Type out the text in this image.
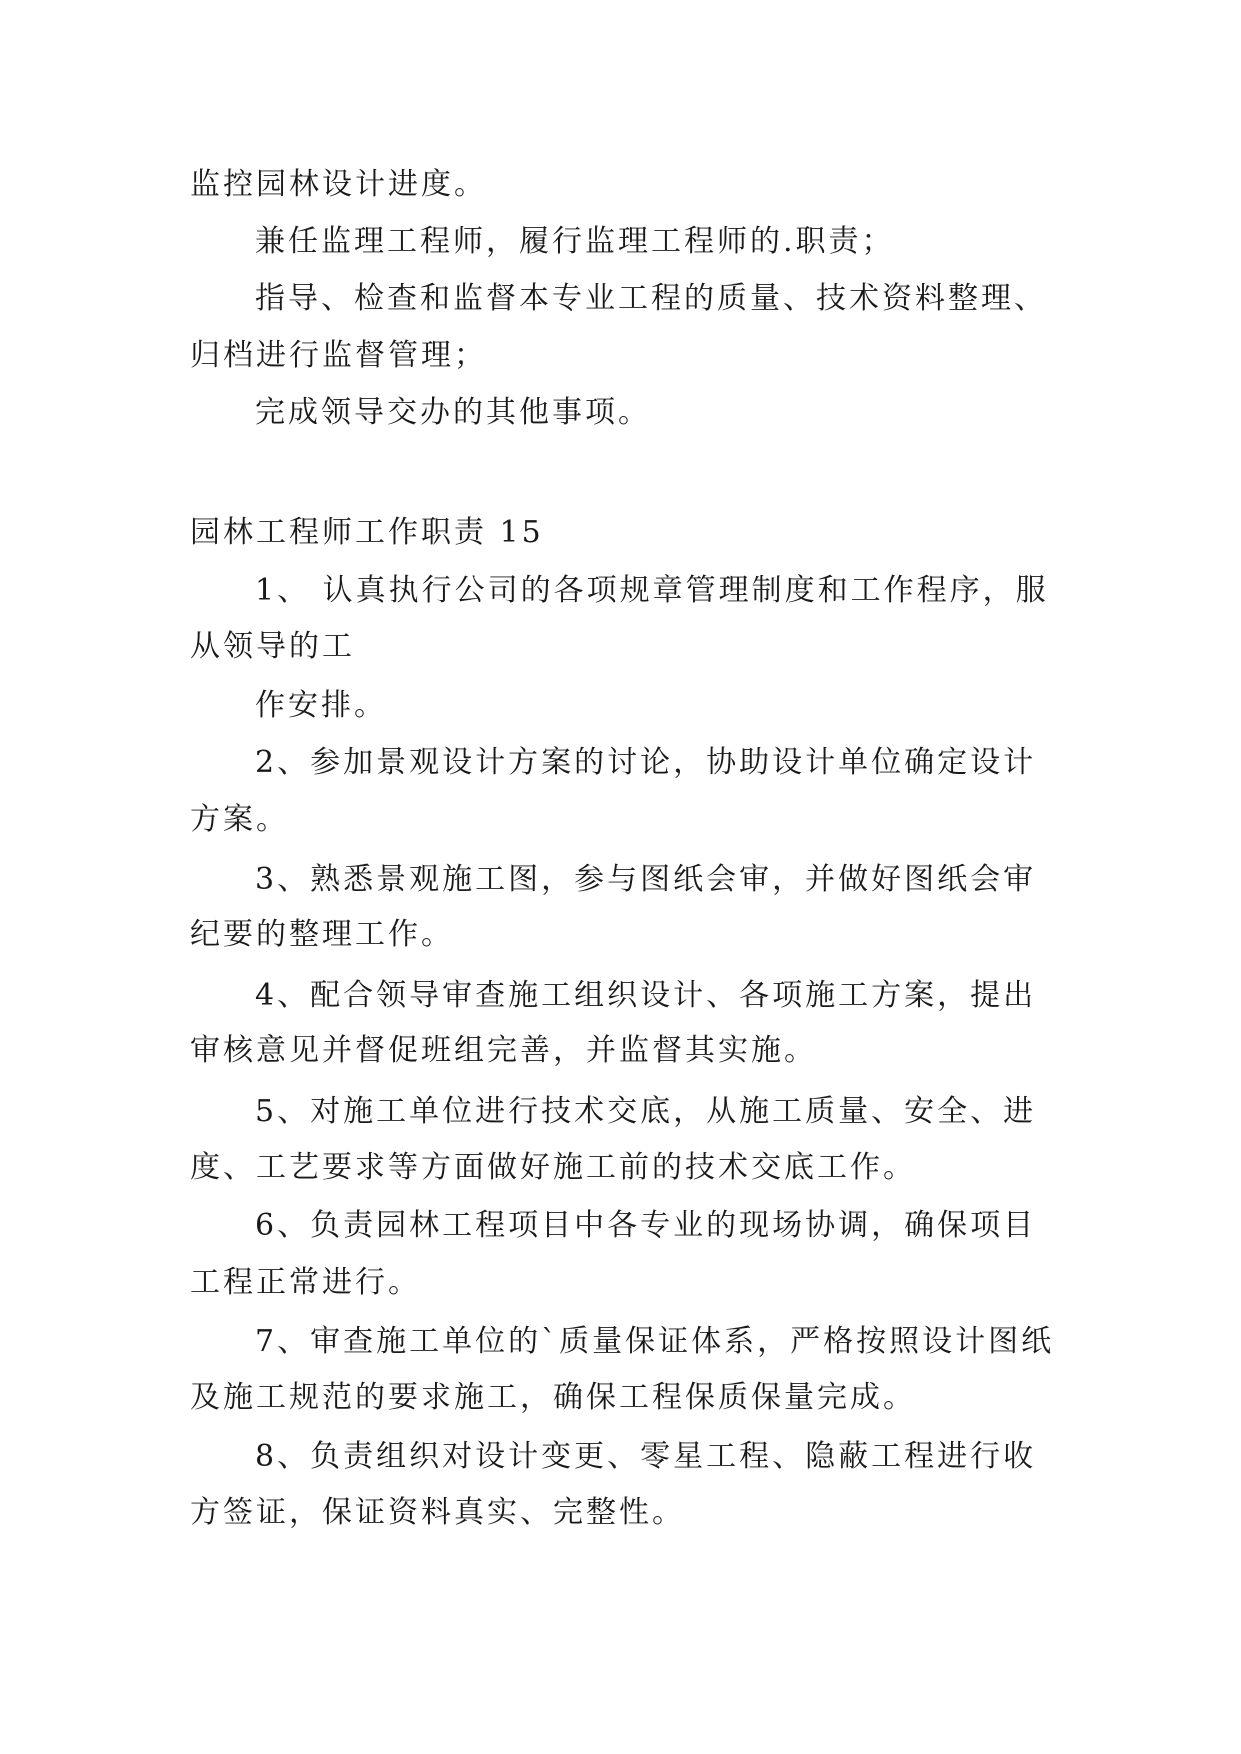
监控园林设计进度。
兼任监理工程师，履行监理工程师的.职责；
指导、检查和监督本专业工程的质量、技术资料整理、
归档进行监督管理；
完成领导交办的其他事项。
园林工程师工作职责 15
1、 认真执行公司的各项规章管理制度和工作程序，服
从领导的工
作安排。
2、参加景观设计方案的讨论，协助设计单位确定设计
方案。
3、熟悉景观施工图，参与图纸会审，并做好图纸会审
纪要的整理工作。
4、配合领导审查施工组织设计、各项施工方案，提出
审核意见并督促班组完善，并监督其实施。
5、对施工单位进行技术交底，从施工质量、安全、进
度、工艺要求等方面做好施工前的技术交底工作。
6、负责园林工程项目中各专业的现场协调，确保项目
工程正常进行。
7、审查施工单位的`质量保证体系，严格按照设计图纸
及施工规范的要求施工，确保工程保质保量完成。
8、负责组织对设计变更、零星工程、隐蔽工程进行收
方签证，保证资料真实、完整性。
